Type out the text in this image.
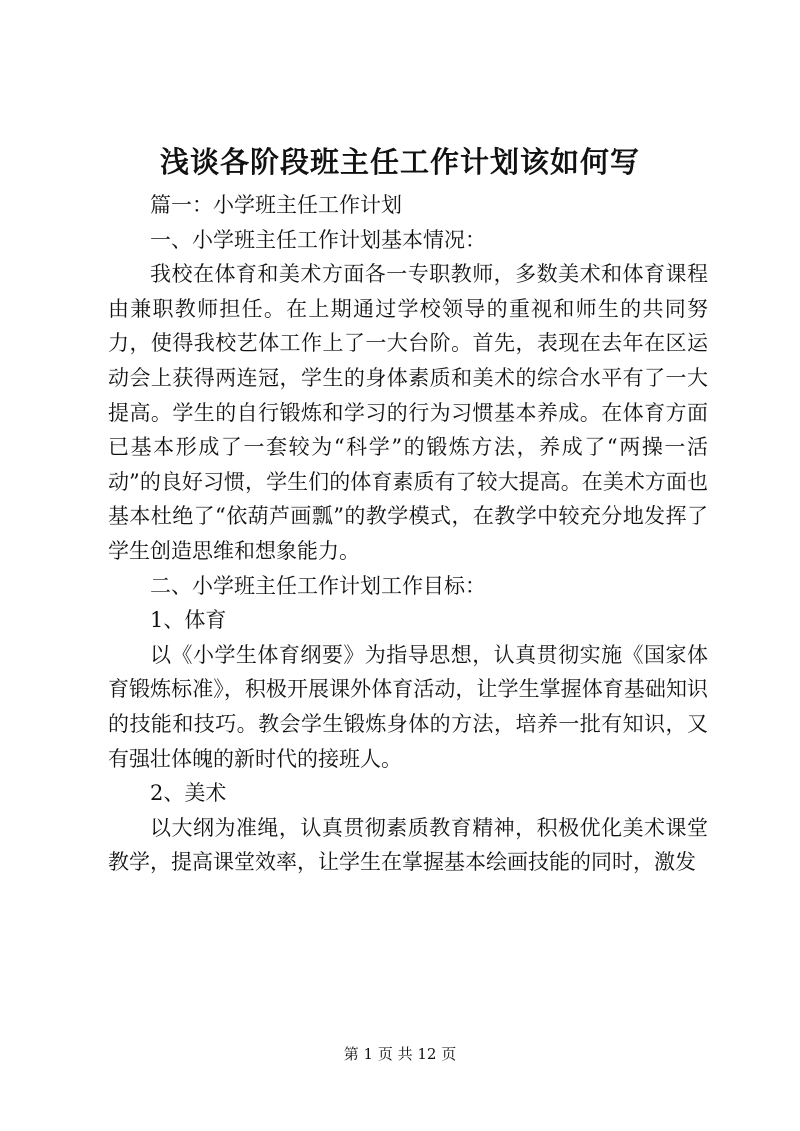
浅谈各阶段班主任工作计划该如何写

篇一：小学班主任工作计划

一、小学班主任工作计划基本情况：

我校在体育和美术方面各一专职教师，多数美术和体育课程由兼职教师担任。在上期通过学校领导的重视和师生的共同努力，使得我校艺体工作上了一大台阶。首先，表现在去年在区运动会上获得两连冠，学生的身体素质和美术的综合水平有了一大提高。学生的自行锻炼和学习的行为习惯基本养成。在体育方面已基本形成了一套较为“科学”的锻炼方法，养成了“两操一活动”的良好习惯，学生们的体育素质有了较大提高。在美术方面也基本杜绝了“依葫芦画瓢”的教学模式，在教学中较充分地发挥了学生创造思维和想象能力。

二、小学班主任工作计划工作目标：

1、体育

以《小学生体育纲要》为指导思想，认真贯彻实施《国家体育锻炼标准》，积极开展课外体育活动，让学生掌握体育基础知识的技能和技巧。教会学生锻炼身体的方法，培养一批有知识，又有强壮体魄的新时代的接班人。

2、美术

以大纲为准绳，认真贯彻素质教育精神，积极优化美术课堂教学，提高课堂效率，让学生在掌握基本绘画技能的同时，激发

第 1 页 共 12 页
